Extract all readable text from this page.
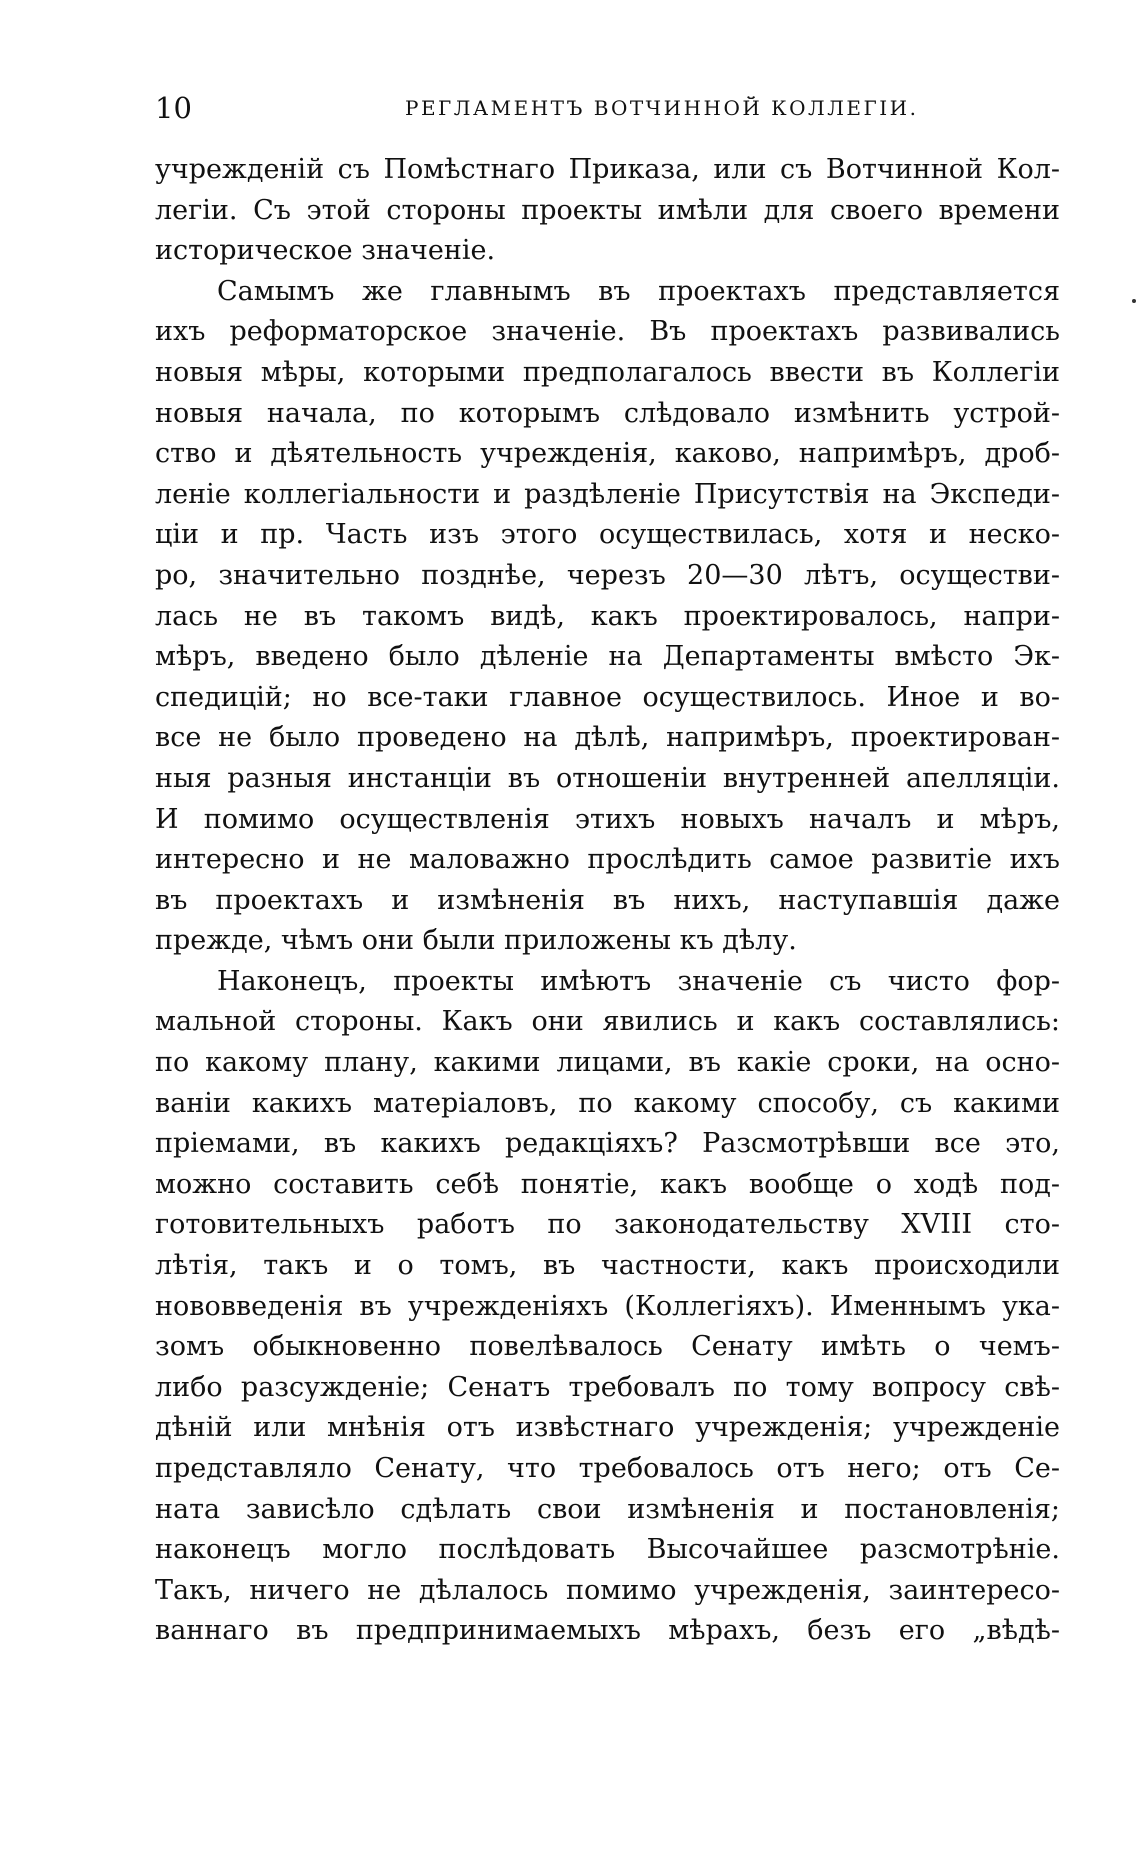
10	РЕГЛАМЕНТЪ ВОТЧИННОЙ КОЛЛЕГІИ.
учрежденій съ Помѣстнаго Приказа, или съ Вотчинной Кол-
легіи. Съ этой стороны проекты имѣли для своего времени
историческое значеніе.
Самымъ же главнымъ въ проектахъ представляется
ихъ реформаторское значеніе. Въ проектахъ развивались
новыя мѣры, которыми предполагалось ввести въ Коллегіи
новыя начала, по которымъ слѣдовало измѣнить устрой-
ство и дѣятельность учрежденія, каково, напримѣръ, дроб-
леніе коллегіальности и раздѣленіе Присутствія на Экспеди-
ціи и пр. Часть изъ этого осуществилась, хотя и неско-
ро, значительно позднѣе, черезъ 20—30 лѣтъ, осуществи-
лась не въ такомъ видѣ, какъ проектировалось, напри-
мѣръ, введено было дѣленіе на Департаменты вмѣсто Эк-
спедицій; но все-таки главное осуществилось. Иное и во-
все не было проведено на дѣлѣ, напримѣръ, проектирован-
ныя разныя инстанціи въ отношеніи внутренней апелляціи.
И помимо осуществленія этихъ новыхъ началъ и мѣръ,
интересно и не маловажно прослѣдить самое развитіе ихъ
въ проектахъ и измѣненія въ нихъ, наступавшія даже
прежде, чѣмъ они были приложены къ дѣлу.
Наконецъ, проекты имѣютъ значеніе съ чисто фор-
мальной стороны. Какъ они явились и какъ составлялись:
по какому плану, какими лицами, въ какіе сроки, на осно-
ваніи какихъ матеріаловъ, по какому способу, съ какими
пріемами, въ какихъ редакціяхъ? Разсмотрѣвши все это,
можно составить себѣ понятіе, какъ вообще о ходѣ под-
готовительныхъ работъ по законодательству XVIII сто-
лѣтія, такъ и о томъ, въ частности, какъ происходили
нововведенія въ учрежденіяхъ (Коллегіяхъ). Именнымъ ука-
зомъ обыкновенно повелѣвалось Сенату имѣть о чемъ-
либо разсужденіе; Сенатъ требовалъ по тому вопросу свѣ-
дѣній или мнѣнія отъ извѣстнаго учрежденія; учрежденіе
представляло Сенату, что требовалось отъ него; отъ Се-
ната зависѣло сдѣлать свои измѣненія и постановленія;
наконецъ могло послѣдовать Высочайшее разсмотрѣніе.
Такъ, ничего не дѣлалось помимо учрежденія, заинтересо-
ваннаго въ предпринимаемыхъ мѣрахъ, безъ его „вѣдѣ-
